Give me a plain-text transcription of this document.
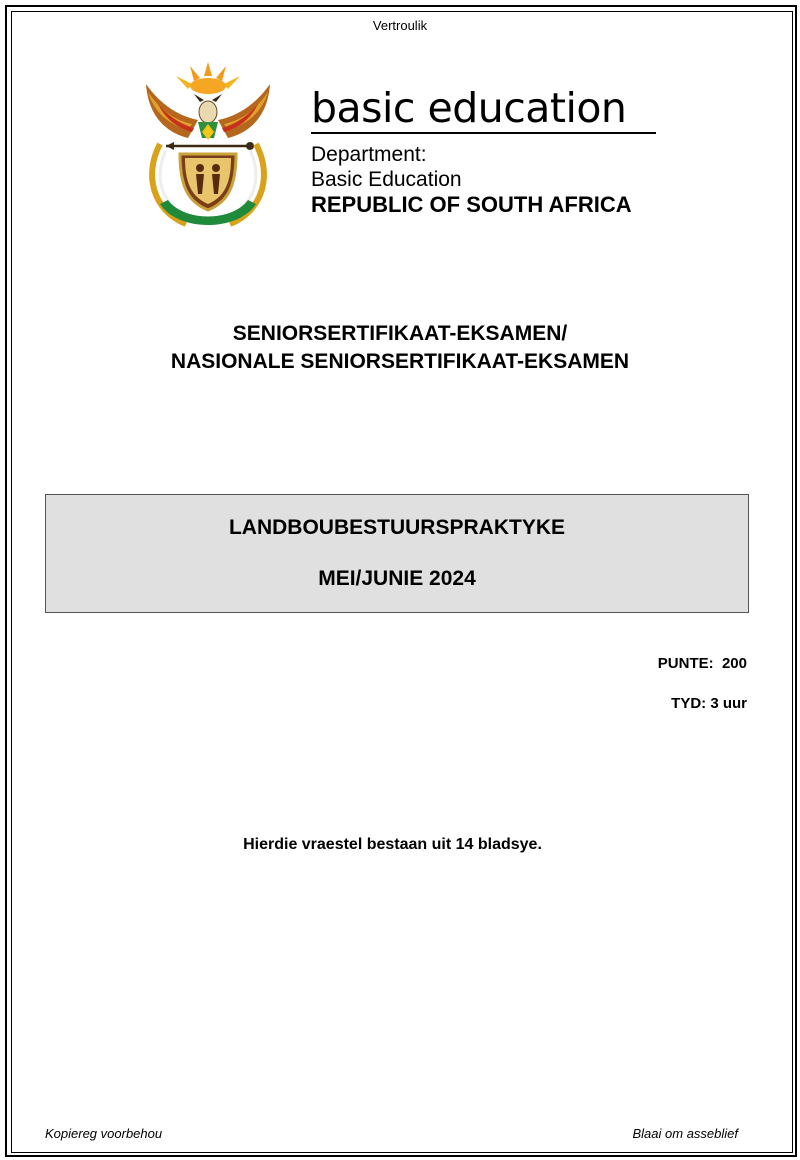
Vertroulik
basic education
Department:
Basic Education
REPUBLIC OF SOUTH AFRICA
SENIORSERTIFIKAAT-EKSAMEN/
NASIONALE SENIORSERTIFIKAAT-EKSAMEN
LANDBOUBESTUURSPRAKTYKE
MEI/JUNIE 2024
PUNTE:  200
TYD: 3 uur
Hierdie vraestel bestaan uit 14 bladsye.
Kopiereg voorbehou	Blaai om asseblief
